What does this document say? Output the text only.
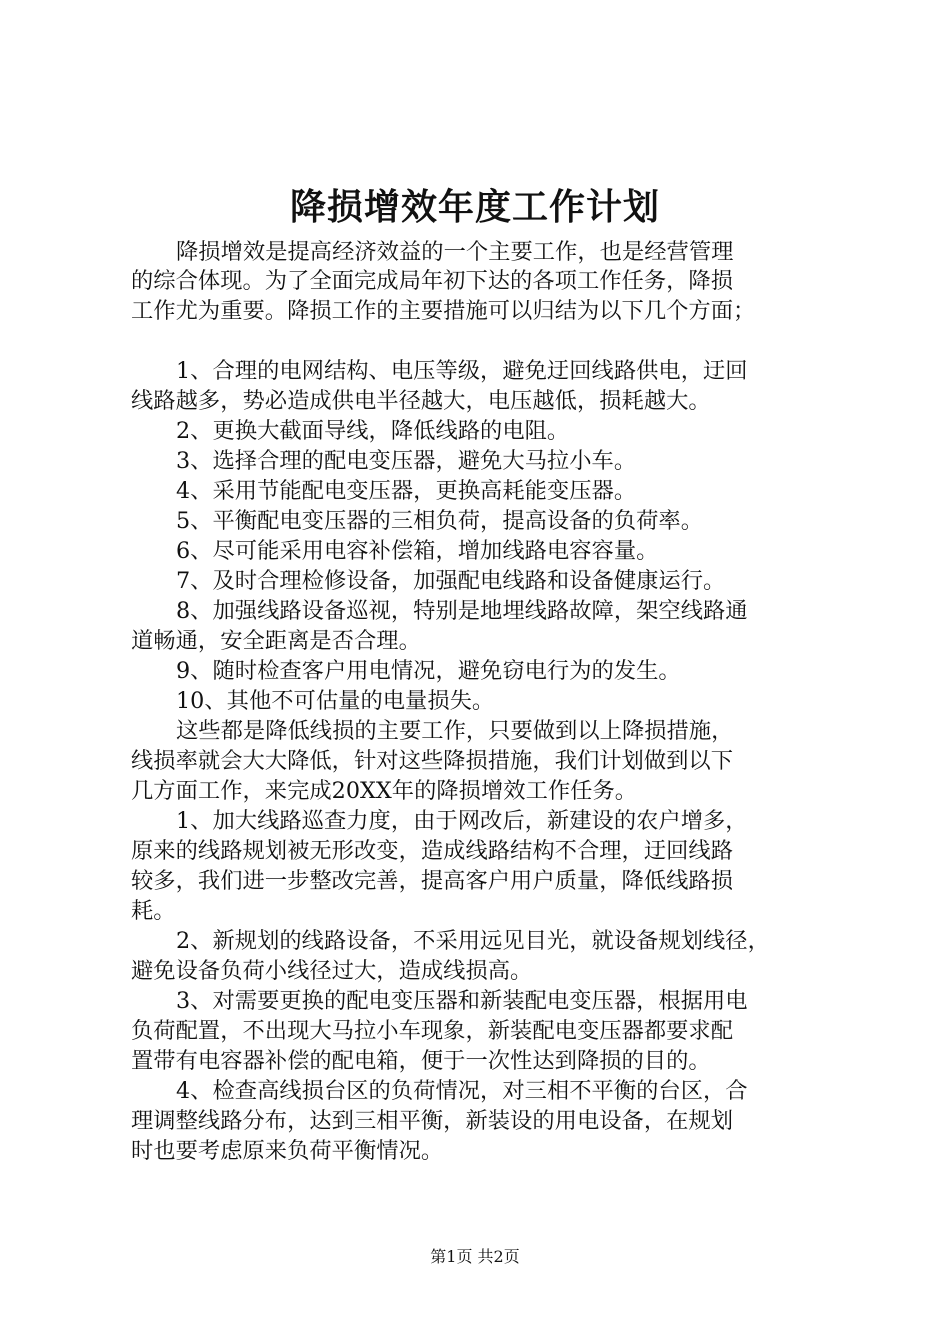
降损增效年度工作计划
降损增效是提高经济效益的一个主要工作，也是经营管理
的综合体现。为了全面完成局年初下达的各项工作任务，降损
工作尤为重要。降损工作的主要措施可以归结为以下几个方面；
1、合理的电网结构、电压等级，避免迂回线路供电，迂回
线路越多，势必造成供电半径越大，电压越低，损耗越大。
2、更换大截面导线，降低线路的电阻。
3、选择合理的配电变压器，避免大马拉小车。
4、采用节能配电变压器，更换高耗能变压器。
5、平衡配电变压器的三相负荷，提高设备的负荷率。
6、尽可能采用电容补偿箱，增加线路电容容量。
7、及时合理检修设备，加强配电线路和设备健康运行。
8、加强线路设备巡视，特别是地埋线路故障，架空线路通
道畅通，安全距离是否合理。
9、随时检查客户用电情况，避免窃电行为的发生。
10、其他不可估量的电量损失。
这些都是降低线损的主要工作，只要做到以上降损措施，
线损率就会大大降低，针对这些降损措施，我们计划做到以下
几方面工作，来完成20XX年的降损增效工作任务。
1、加大线路巡查力度，由于网改后，新建设的农户增多，
原来的线路规划被无形改变，造成线路结构不合理，迂回线路
较多，我们进一步整改完善，提高客户用户质量，降低线路损
耗。
2、新规划的线路设备，不采用远见目光，就设备规划线径，
避免设备负荷小线径过大，造成线损高。
3、对需要更换的配电变压器和新装配电变压器，根据用电
负荷配置，不出现大马拉小车现象，新装配电变压器都要求配
置带有电容器补偿的配电箱，便于一次性达到降损的目的。
4、检查高线损台区的负荷情况，对三相不平衡的台区，合
理调整线路分布，达到三相平衡，新装设的用电设备，在规划
时也要考虑原来负荷平衡情况。
第1页 共2页
